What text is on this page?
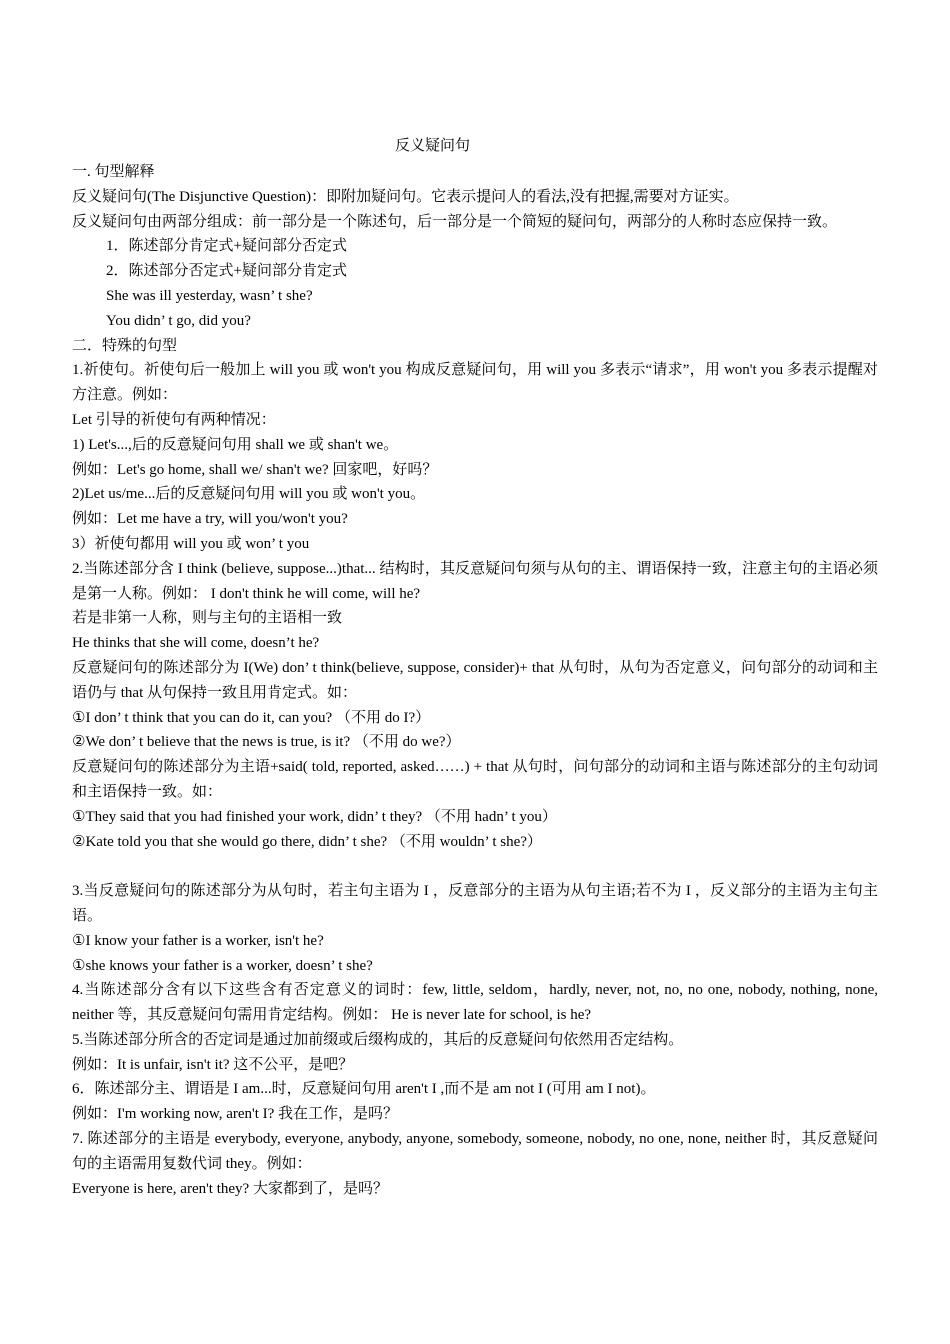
反义疑问句
一. 句型解释
反义疑问句(The Disjunctive Question)：即附加疑问句。它表示提问人的看法,没有把握,需要对方证实。
反义疑问句由两部分组成：前一部分是一个陈述句，后一部分是一个简短的疑问句，两部分的人称时态应保持一致。
1．陈述部分肯定式+疑问部分否定式
2．陈述部分否定式+疑问部分肯定式
She was ill yesterday, wasn’ t she?
You didn’ t go, did you?
二．特殊的句型
1.祈使句。祈使句后一般加上 will you 或 won't you 构成反意疑问句，用 will you 多表示“请求”，用 won't you 多表示提醒对方注意。例如：
Let 引导的祈使句有两种情况：
1) Let's...,后的反意疑问句用 shall we 或 shan't we。
例如：Let's go home, shall we/ shan't we? 回家吧，好吗？
2)Let us/me...后的反意疑问句用 will you 或 won't you。
例如：Let me have a try, will you/won't you?
3）祈使句都用 will you 或 won’ t you
2.当陈述部分含 I think (believe, suppose...)that... 结构时，其反意疑问句须与从句的主、谓语保持一致，注意主句的主语必须是第一人称。例如： I don't think he will come, will he?
若是非第一人称，则与主句的主语相一致
He thinks that she will come, doesn’t he?
反意疑问句的陈述部分为 I(We) don’ t think(believe, suppose, consider)+ that 从句时，从句为否定意义，问句部分的动词和主语仍与 that 从句保持一致且用肯定式。如：
①I don’ t think that you can do it, can you? （不用 do I?）
②We don’ t believe that the news is true, is it? （不用 do we?）
反意疑问句的陈述部分为主语+said( told, reported, asked……) + that 从句时，问句部分的动词和主语与陈述部分的主句动词和主语保持一致。如：
①They said that you had finished your work, didn’ t they? （不用 hadn’ t you）
②Kate told you that she would go there, didn’ t she? （不用 wouldn’ t she?）
3.当反意疑问句的陈述部分为从句时，若主句主语为 I ，反意部分的主语为从句主语;若不为 I ，反义部分的主语为主句主语。
①I know your father is a worker, isn't he?
①she knows your father is a worker, doesn’ t she?
4.当陈述部分含有以下这些含有否定意义的词时：few, little, seldom，hardly, never, not, no, no one, nobody, nothing, none, neither 等，其反意疑问句需用肯定结构。例如： He is never late for school, is he?
5.当陈述部分所含的否定词是通过加前缀或后缀构成的，其后的反意疑问句依然用否定结构。
例如：It is unfair, isn't it? 这不公平，是吧？
6．陈述部分主、谓语是 I am...时，反意疑问句用 aren't I ,而不是 am not I (可用 am I not)。
例如：I'm working now, aren't I? 我在工作，是吗？
7. 陈述部分的主语是 everybody, everyone, anybody, anyone, somebody, someone, nobody, no one, none, neither 时，其反意疑问句的主语需用复数代词 they。例如：
Everyone is here, aren't they? 大家都到了，是吗？
